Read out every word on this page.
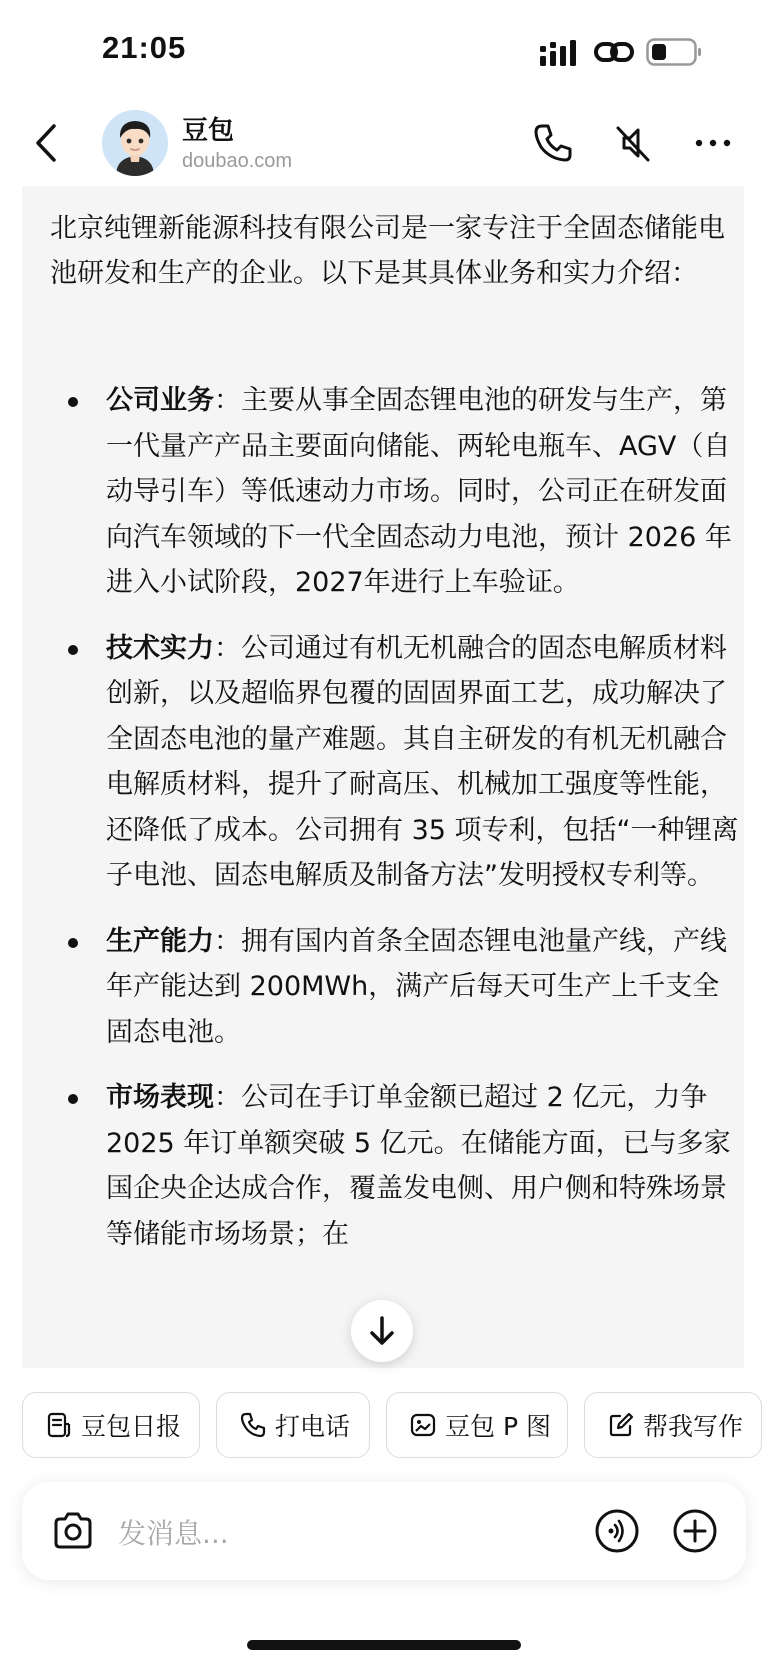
21:05
豆包
doubao.com
北京纯锂新能源科技有限公司是一家专注于全固态储能电池研发和生产的企业。以下是其具体业务和实力介绍：
公司业务：主要从事全固态锂电池的研发与生产，第一代量产产品主要面向储能、两轮电瓶车、AGV（自动导引车）等低速动力市场。同时，公司正在研发面向汽车领域的下一代全固态动力电池，预计 2026 年进入小试阶段，2027年进行上车验证。
技术实力：公司通过有机无机融合的固态电解质材料创新，以及超临界包覆的固固界面工艺，成功解决了全固态电池的量产难题。其自主研发的有机无机融合电解质材料，提升了耐高压、机械加工强度等性能，还降低了成本。公司拥有 35 项专利，包括“一种锂离子电池、固态电解质及制备方法”发明授权专利等。
生产能力：拥有国内首条全固态锂电池量产线，产线年产能达到 200MWh，满产后每天可生产上千支全固态电池。
市场表现：公司在手订单金额已超过 2 亿元，力争 2025 年订单额突破 5 亿元。在储能方面，已与多家国企央企达成合作，覆盖发电侧、用户侧和特殊场景等储能市场场景；在
豆包日报	打电话	豆包 P 图	帮我写作
发消息...
